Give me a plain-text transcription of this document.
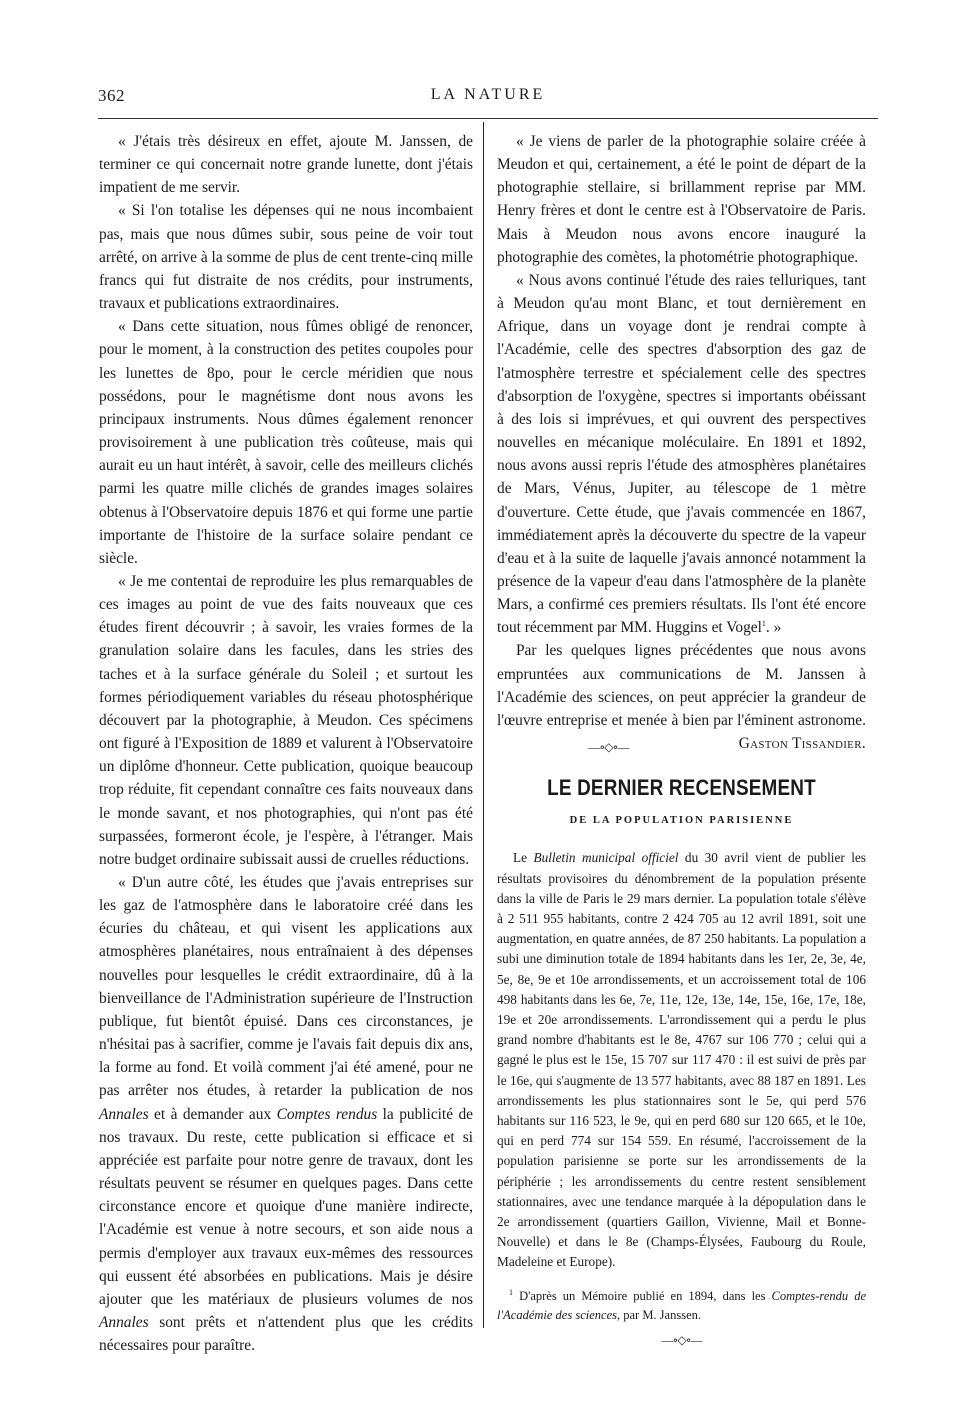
362	LA NATURE

« J'étais très désireux en effet, ajoute M. Janssen, de terminer ce qui concernait notre grande lunette, dont j'étais impatient de me servir.

« Si l'on totalise les dépenses qui ne nous incombaient pas, mais que nous dûmes subir, sous peine de voir tout arrêté, on arrive à la somme de plus de cent trente-cinq mille francs qui fut distraite de nos crédits, pour instruments, travaux et publications extraordinaires.

« Dans cette situation, nous fûmes obligé de renoncer, pour le moment, à la construction des petites coupoles pour les lunettes de 8po, pour le cercle méridien que nous possédons, pour le magnétisme dont nous avons les principaux instruments. Nous dûmes également renoncer provisoirement à une publication très coûteuse, mais qui aurait eu un haut intérêt, à savoir, celle des meilleurs clichés parmi les quatre mille clichés de grandes images solaires obtenus à l'Observatoire depuis 1876 et qui forme une partie importante de l'histoire de la surface solaire pendant ce siècle.

« Je me contentai de reproduire les plus remarquables de ces images au point de vue des faits nouveaux que ces études firent découvrir ; à savoir, les vraies formes de la granulation solaire dans les facules, dans les stries des taches et à la surface générale du Soleil ; et surtout les formes périodiquement variables du réseau photosphérique découvert par la photographie, à Meudon. Ces spécimens ont figuré à l'Exposition de 1889 et valurent à l'Observatoire un diplôme d'honneur. Cette publication, quoique beaucoup trop réduite, fit cependant connaître ces faits nouveaux dans le monde savant, et nos photographies, qui n'ont pas été surpassées, formeront école, je l'espère, à l'étranger. Mais notre budget ordinaire subissait aussi de cruelles réductions.

« D'un autre côté, les études que j'avais entreprises sur les gaz de l'atmosphère dans le laboratoire créé dans les écuries du château, et qui visent les applications aux atmosphères planétaires, nous entraînaient à des dépenses nouvelles pour lesquelles le crédit extraordinaire, dû à la bienveillance de l'Administration supérieure de l'Instruction publique, fut bientôt épuisé. Dans ces circonstances, je n'hésitai pas à sacrifier, comme je l'avais fait depuis dix ans, la forme au fond. Et voilà comment j'ai été amené, pour ne pas arrêter nos études, à retarder la publication de nos Annales et à demander aux Comptes rendus la publicité de nos travaux. Du reste, cette publication si efficace et si appréciée est parfaite pour notre genre de travaux, dont les résultats peuvent se résumer en quelques pages. Dans cette circonstance encore et quoique d'une manière indirecte, l'Académie est venue à notre secours, et son aide nous a permis d'employer aux travaux eux-mêmes des ressources qui eussent été absorbées en publications. Mais je désire ajouter que les matériaux de plusieurs volumes de nos Annales sont prêts et n'attendent plus que les crédits nécessaires pour paraître.

« Je viens de parler de la photographie solaire créée à Meudon et qui, certainement, a été le point de départ de la photographie stellaire, si brillamment reprise par MM. Henry frères et dont le centre est à l'Observatoire de Paris. Mais à Meudon nous avons encore inauguré la photographie des comètes, la photométrie photographique.

« Nous avons continué l'étude des raies telluriques, tant à Meudon qu'au mont Blanc, et tout dernièrement en Afrique, dans un voyage dont je rendrai compte à l'Académie, celle des spectres d'absorption des gaz de l'atmosphère terrestre et spécialement celle des spectres d'absorption de l'oxygène, spectres si importants obéissant à des lois si imprévues, et qui ouvrent des perspectives nouvelles en mécanique moléculaire. En 1891 et 1892, nous avons aussi repris l'étude des atmosphères planétaires de Mars, Vénus, Jupiter, au télescope de 1 mètre d'ouverture. Cette étude, que j'avais commencée en 1867, immédiatement après la découverte du spectre de la vapeur d'eau et à la suite de laquelle j'avais annoncé notamment la présence de la vapeur d'eau dans l'atmosphère de la planète Mars, a confirmé ces premiers résultats. Ils l'ont été encore tout récemment par MM. Huggins et Vogel$^1$. »

Par les quelques lignes précédentes que nous avons empruntées aux communications de M. Janssen à l'Académie des sciences, on peut apprécier la grandeur de l'œuvre entreprise et menée à bien par l'éminent astronome.
Gaston Tissandier.

—∘◇∘—
LE DERNIER RECENSEMENT
DE LA POPULATION PARISIENNE

Le Bulletin municipal officiel du 30 avril vient de publier les résultats provisoires du dénombrement de la population présente dans la ville de Paris le 29 mars dernier. La population totale s'élève à 2 511 955 habitants, contre 2 424 705 au 12 avril 1891, soit une augmentation, en quatre années, de 87 250 habitants. La population a subi une diminution totale de 1894 habitants dans les 1er, 2e, 3e, 4e, 5e, 8e, 9e et 10e arrondissements, et un accroissement total de 106 498 habitants dans les 6e, 7e, 11e, 12e, 13e, 14e, 15e, 16e, 17e, 18e, 19e et 20e arrondissements. L'arrondissement qui a perdu le plus grand nombre d'habitants est le 8e, 4767 sur 106 770 ; celui qui a gagné le plus est le 15e, 15 707 sur 117 470 : il est suivi de près par le 16e, qui s'augmente de 13 577 habitants, avec 88 187 en 1891. Les arrondissements les plus stationnaires sont le 5e, qui perd 576 habitants sur 116 523, le 9e, qui en perd 680 sur 120 665, et le 10e, qui en perd 774 sur 154 559. En résumé, l'accroissement de la population parisienne se porte sur les arrondissements de la périphérie ; les arrondissements du centre restent sensiblement stationnaires, avec une tendance marquée à la dépopulation dans le 2e arrondissement (quartiers Gaillon, Vivienne, Mail et Bonne-Nouvelle) et dans le 8e (Champs-Élysées, Faubourg du Roule, Madeleine et Europe).

$^1$ D'après un Mémoire publié en 1894, dans les Comptes-rendu de l'Académie des sciences, par M. Janssen.

—∘◇∘—
